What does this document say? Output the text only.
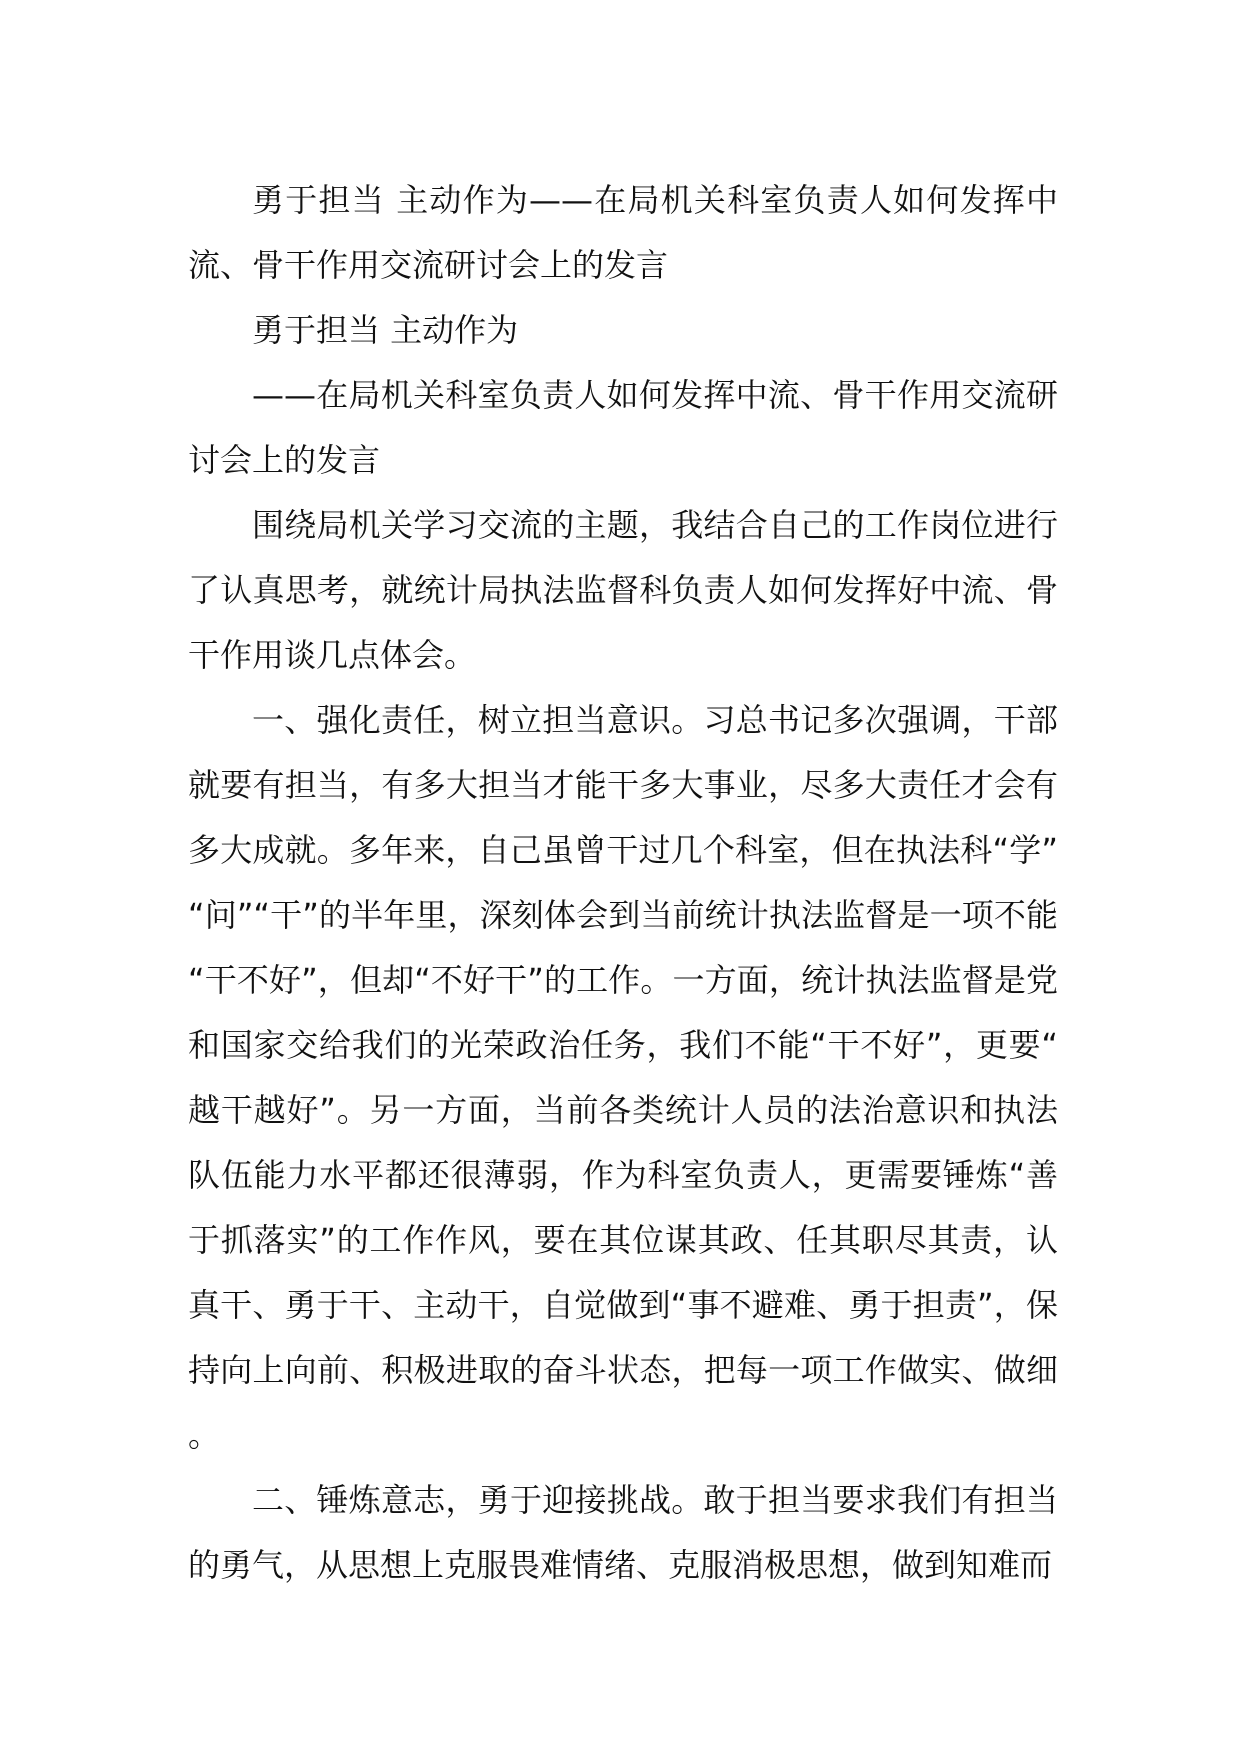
勇于担当 主动作为——在局机关科室负责人如何发挥中流、骨干作用交流研讨会上的发言

勇于担当 主动作为

——在局机关科室负责人如何发挥中流、骨干作用交流研讨会上的发言

围绕局机关学习交流的主题，我结合自己的工作岗位进行了认真思考，就统计局执法监督科负责人如何发挥好中流、骨干作用谈几点体会。

一、强化责任，树立担当意识。习总书记多次强调，干部就要有担当，有多大担当才能干多大事业，尽多大责任才会有多大成就。多年来，自己虽曾干过几个科室，但在执法科“学”“问”“干”的半年里，深刻体会到当前统计执法监督是一项不能“干不好”，但却“不好干”的工作。一方面，统计执法监督是党和国家交给我们的光荣政治任务，我们不能“干不好”，更要“越干越好”。另一方面，当前各类统计人员的法治意识和执法队伍能力水平都还很薄弱，作为科室负责人，更需要锤炼“善于抓落实”的工作作风，要在其位谋其政、任其职尽其责，认真干、勇于干、主动干，自觉做到“事不避难、勇于担责”，保持向上向前、积极进取的奋斗状态，把每一项工作做实、做细。

二、锤炼意志，勇于迎接挑战。敢于担当要求我们有担当的勇气，从思想上克服畏难情绪、克服消极思想，做到知难而
